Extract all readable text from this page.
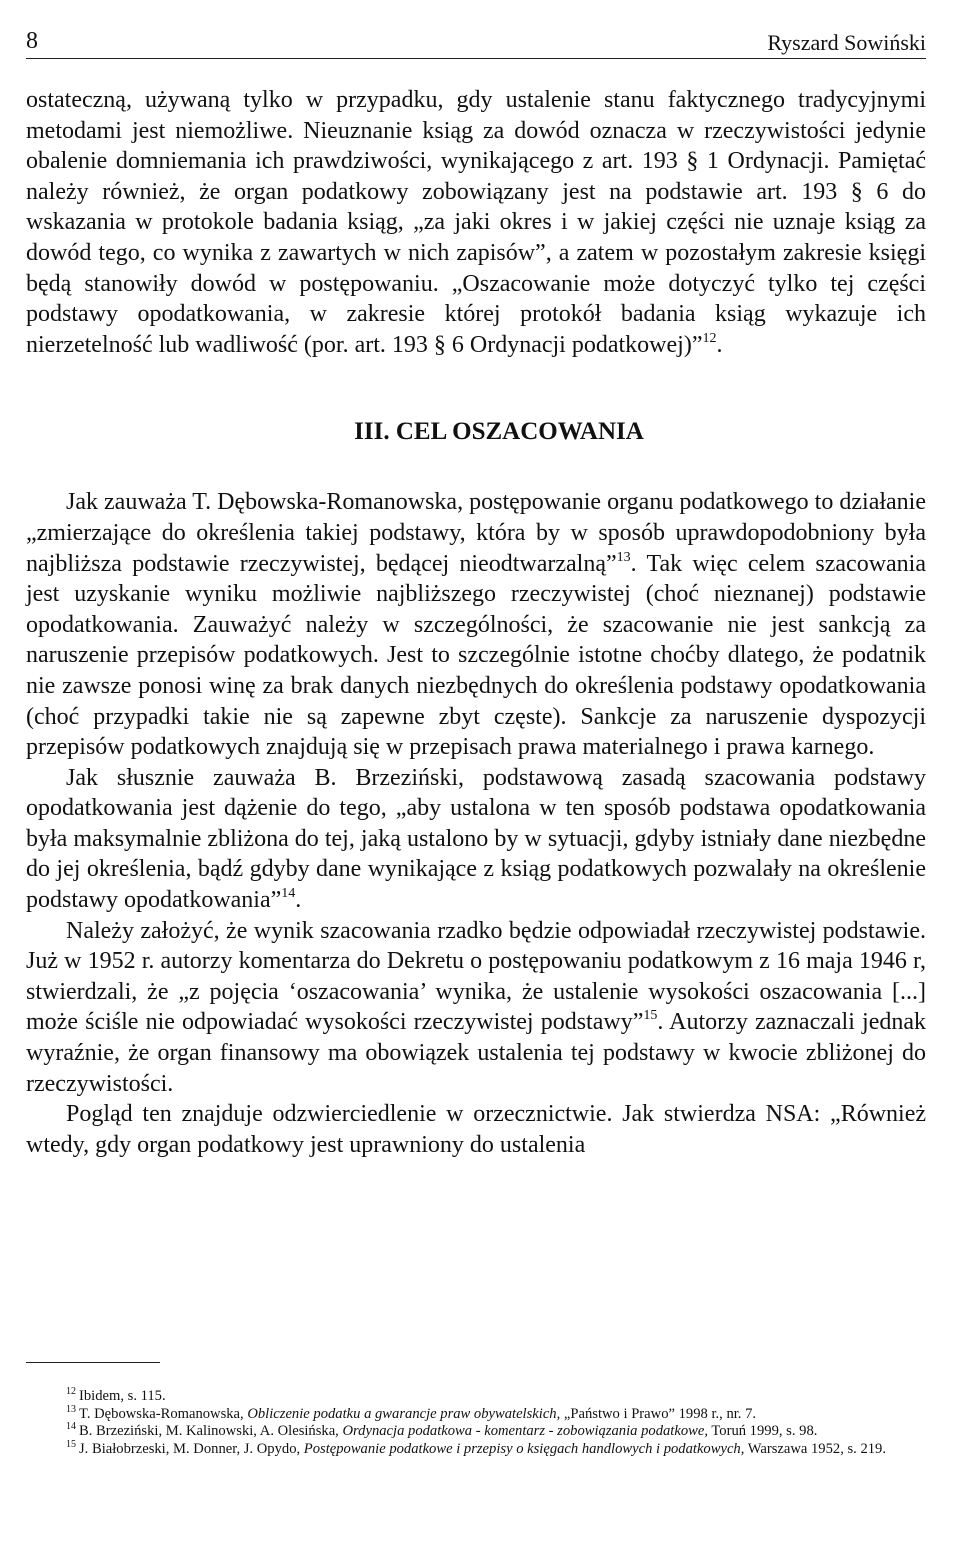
8	Ryszard Sowiński

ostateczną, używaną tylko w przypadku, gdy ustalenie stanu faktycznego tradycyjnymi metodami jest niemożliwe. Nieuznanie ksiąg za dowód oznacza w rzeczywistości jedynie obalenie domniemania ich prawdziwości, wynikającego z art. 193 § 1 Ordynacji. Pamiętać należy również, że organ podatkowy zobowiązany jest na podstawie art. 193 § 6 do wskazania w protokole badania ksiąg, „za jaki okres i w jakiej części nie uznaje ksiąg za dowód tego, co wynika z zawartych w nich zapisów”, a zatem w pozostałym zakresie księgi będą stanowiły dowód w postępowaniu. „Oszacowanie może dotyczyć tylko tej części podstawy opodatkowania, w zakresie której protokół badania ksiąg wykazuje ich nierzetelność lub wadliwość (por. art. 193 § 6 Ordynacji podatkowej)”$^{12}$.

III. CEL OSZACOWANIA

Jak zauważa T. Dębowska-Romanowska, postępowanie organu podatkowego to działanie „zmierzające do określenia takiej podstawy, która by w sposób uprawdopodobniony była najbliższa podstawie rzeczywistej, będącej nieodtwarzalną”$^{13}$. Tak więc celem szacowania jest uzyskanie wyniku możliwie najbliższego rzeczywistej (choć nieznanej) podstawie opodatkowania. Zauważyć należy w szczególności, że szacowanie nie jest sankcją za naruszenie przepisów podatkowych. Jest to szczególnie istotne choćby dlatego, że podatnik nie zawsze ponosi winę za brak danych niezbędnych do określenia podstawy opodatkowania (choć przypadki takie nie są zapewne zbyt częste). Sankcje za naruszenie dyspozycji przepisów podatkowych znajdują się w przepisach prawa materialnego i prawa karnego.

Jak słusznie zauważa B. Brzeziński, podstawową zasadą szacowania podstawy opodatkowania jest dążenie do tego, „aby ustalona w ten sposób podstawa opodatkowania była maksymalnie zbliżona do tej, jaką ustalono by w sytuacji, gdyby istniały dane niezbędne do jej określenia, bądź gdyby dane wynikające z ksiąg podatkowych pozwalały na określenie podstawy opodatkowania”$^{14}$.

Należy założyć, że wynik szacowania rzadko będzie odpowiadał rzeczywistej podstawie. Już w 1952 r. autorzy komentarza do Dekretu o postępowaniu podatkowym z 16 maja 1946 r, stwierdzali, że „z pojęcia ‘oszacowania’ wynika, że ustalenie wysokości oszacowania [...] może ściśle nie odpowiadać wysokości rzeczywistej podstawy”$^{15}$. Autorzy zaznaczali jednak wyraźnie, że organ finansowy ma obowiązek ustalenia tej podstawy w kwocie zbliżonej do rzeczywistości.

Pogląd ten znajduje odzwierciedlenie w orzecznictwie. Jak stwierdza NSA: „Również wtedy, gdy organ podatkowy jest uprawniony do ustalenia

$^{12}$ Ibidem, s. 115.

$^{13}$ T. Dębowska-Romanowska, Obliczenie podatku a gwarancje praw obywatelskich, „Państwo i Prawo” 1998 r., nr. 7.

$^{14}$ B. Brzeziński, M. Kalinowski, A. Olesińska, Ordynacja podatkowa - komentarz - zobowiązania podatkowe, Toruń 1999, s. 98.

$^{15}$ J. Białobrzeski, M. Donner, J. Opydo, Postępowanie podatkowe i przepisy o księgach handlowych i podatkowych, Warszawa 1952, s. 219.
